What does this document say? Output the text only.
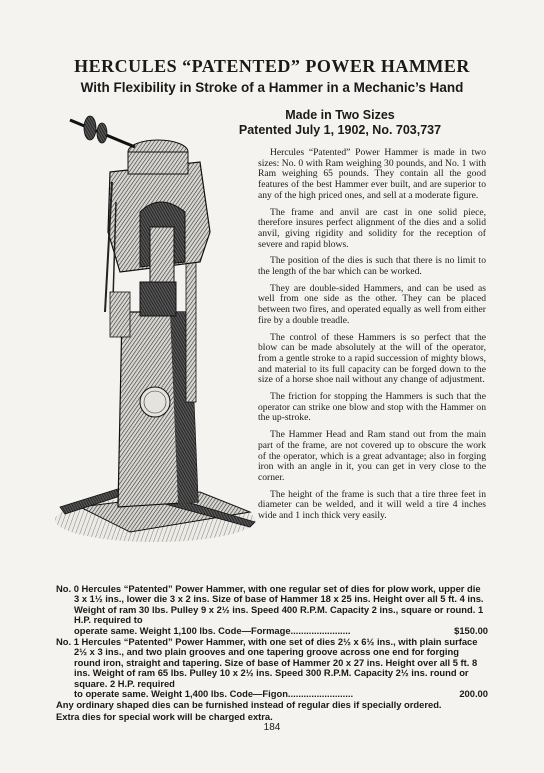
HERCULES “PATENTED” POWER HAMMER
With Flexibility in Stroke of a Hammer in a Mechanic’s Hand
Made in Two Sizes
Patented July 1, 1902, No. 703,737

Hercules “Patented” Power Hammer is made in two sizes: No. 0 with Ram weighing 30 pounds, and No. 1 with Ram weighing 65 pounds. They contain all the good features of the best Hammer ever built, and are superior to any of the high priced ones, and sell at a moderate figure.

The frame and anvil are cast in one solid piece, therefore insures perfect alignment of the dies and a solid anvil, giving rigidity and solidity for the reception of severe and rapid blows.

The position of the dies is such that there is no limit to the length of the bar which can be worked.

They are double-sided Hammers, and can be used as well from one side as the other. They can be placed between two fires, and operated equally as well from either fire by a double treadle.

The control of these Hammers is so perfect that the blow can be made absolutely at the will of the operator, from a gentle stroke to a rapid succession of mighty blows, and material to its full capacity can be forged down to the size of a horse shoe nail without any change of adjustment.

The friction for stopping the Hammers is such that the operator can strike one blow and stop with the Hammer on the up-stroke.

The Hammer Head and Ram stand out from the main part of the frame, are not covered up to obscure the work of the operator, which is a great advantage; also in forging iron with an angle in it, you can get in very close to the corner.

The height of the frame is such that a tire three feet in diameter can be welded, and it will weld a tire 4 inches wide and 1 inch thick very easily.

No. 0 Hercules “Patented” Power Hammer, with one regular set of dies for plow work, upper die 3 x 1½ ins., lower die 3 x 2 ins. Size of base of Hammer 18 x 25 ins. Height over all 5 ft. 4 ins. Weight of ram 30 lbs. Pulley 9 x 2½ ins. Speed 400 R.P.M. Capacity 2 ins., square or round. 1 H.P. required to
operate same. Weight 1,100 lbs. Code—Formage.......................	$150.00
No. 1 Hercules “Patented” Power Hammer, with one set of dies 2½ x 6½ ins., with plain surface 2½ x 3 ins., and two plain grooves and one tapering groove across one end for forging round iron, straight and tapering. Size of base of Hammer 20 x 27 ins. Height over all 5 ft. 8 ins. Weight of ram 65 lbs. Pulley 10 x 2½ ins. Speed 300 R.P.M. Capacity 2½ ins. round or square. 2 H.P. required
to operate same. Weight 1,400 lbs. Code—Figon.........................	200.00
Any ordinary shaped dies can be furnished instead of regular dies if specially ordered.
Extra dies for special work will be charged extra.
184
